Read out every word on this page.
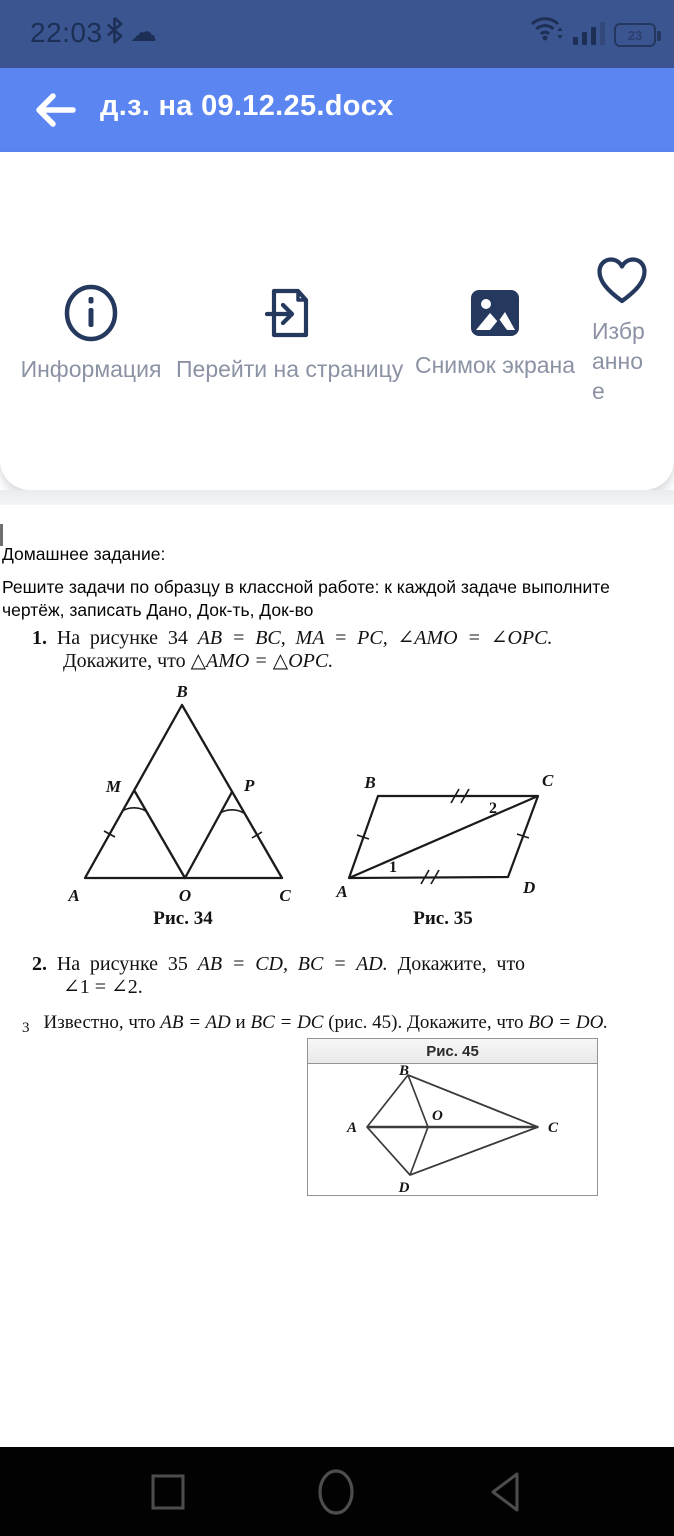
22:03 ☁	23
д.з. на 09.12.25.docx
Информация Перейти на страницу Снимок экрана
Избранное
Домашнее задание:
Решите задачи по образцу в классной работе: к каждой задаче выполните чертёж, записать Дано, Док-ть, Док-во
1. На рисунке 34 AB = BC, MA = PC, ∠AMO = ∠OPC.
Докажите, что △AMO = △OPC.
B
A	O	C
M	P	B	C
A	D
1
2
Рис. 34	Рис. 35
2. На рисунке 35 AB = CD, BC = AD. Докажите, что
∠1 = ∠2.
$_3$ Известно, что AB = AD и BC = DC (рис. 45). Докажите, что BO = DO.
Рис. 45
A
B
C
D
O
